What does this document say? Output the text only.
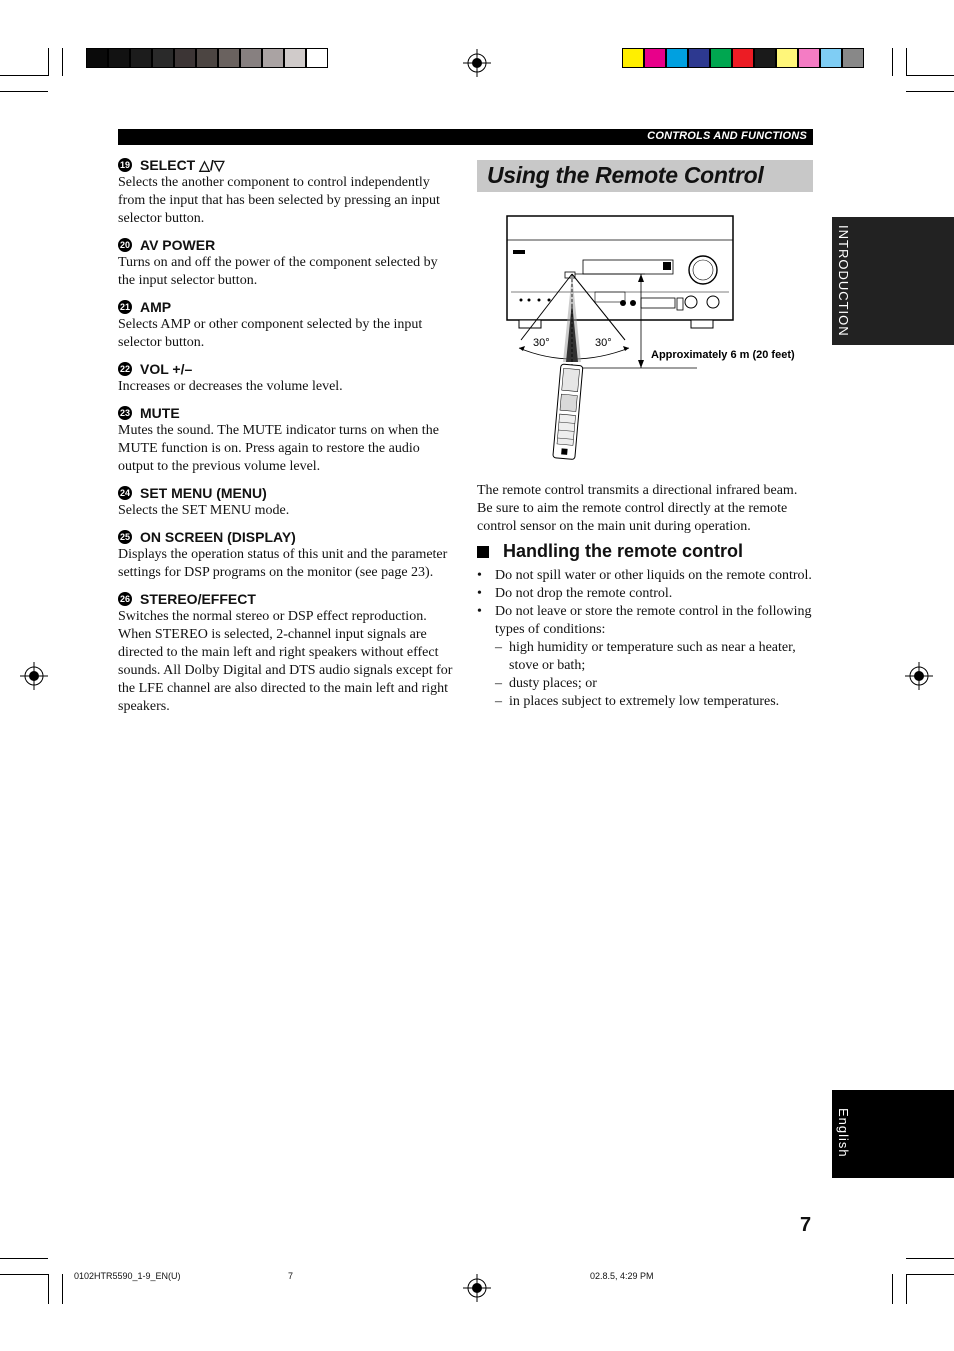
CONTROLS AND FUNCTIONS
19 SELECT △/▽
Selects the another component to control independently from the input that has been selected by pressing an input selector button.
20 AV POWER
Turns on and off the power of the component selected by the input selector button.
21 AMP
Selects AMP or other component selected by the input selector button.
22 VOL +/–
Increases or decreases the volume level.
23 MUTE
Mutes the sound. The MUTE indicator turns on when the MUTE function is on. Press again to restore the audio output to the previous volume level.
24 SET MENU (MENU)
Selects the SET MENU mode.
25 ON SCREEN (DISPLAY)
Displays the operation status of this unit and the parameter settings for DSP programs on the monitor (see page 23).
26 STEREO/EFFECT
Switches the normal stereo or DSP effect reproduction. When STEREO is selected, 2-channel input signals are directed to the main left and right speakers without effect sounds. All Dolby Digital and DTS audio signals except for the LFE channel are also directed to the main left and right speakers.
Using the Remote Control
30°	30°
Approximately 6 m (20 feet)
INTRODUCTION
English
The remote control transmits a directional infrared beam. Be sure to aim the remote control directly at the remote control sensor on the main unit during operation.
Handling the remote control
• Do not spill water or other liquids on the remote control.
• Do not drop the remote control.
• Do not leave or store the remote control in the following types of conditions:
– high humidity or temperature such as near a heater, stove or bath;
– dusty places; or
– in places subject to extremely low temperatures.
7
0102HTR5590_1-9_EN(U)	7	02.8.5, 4:29 PM
